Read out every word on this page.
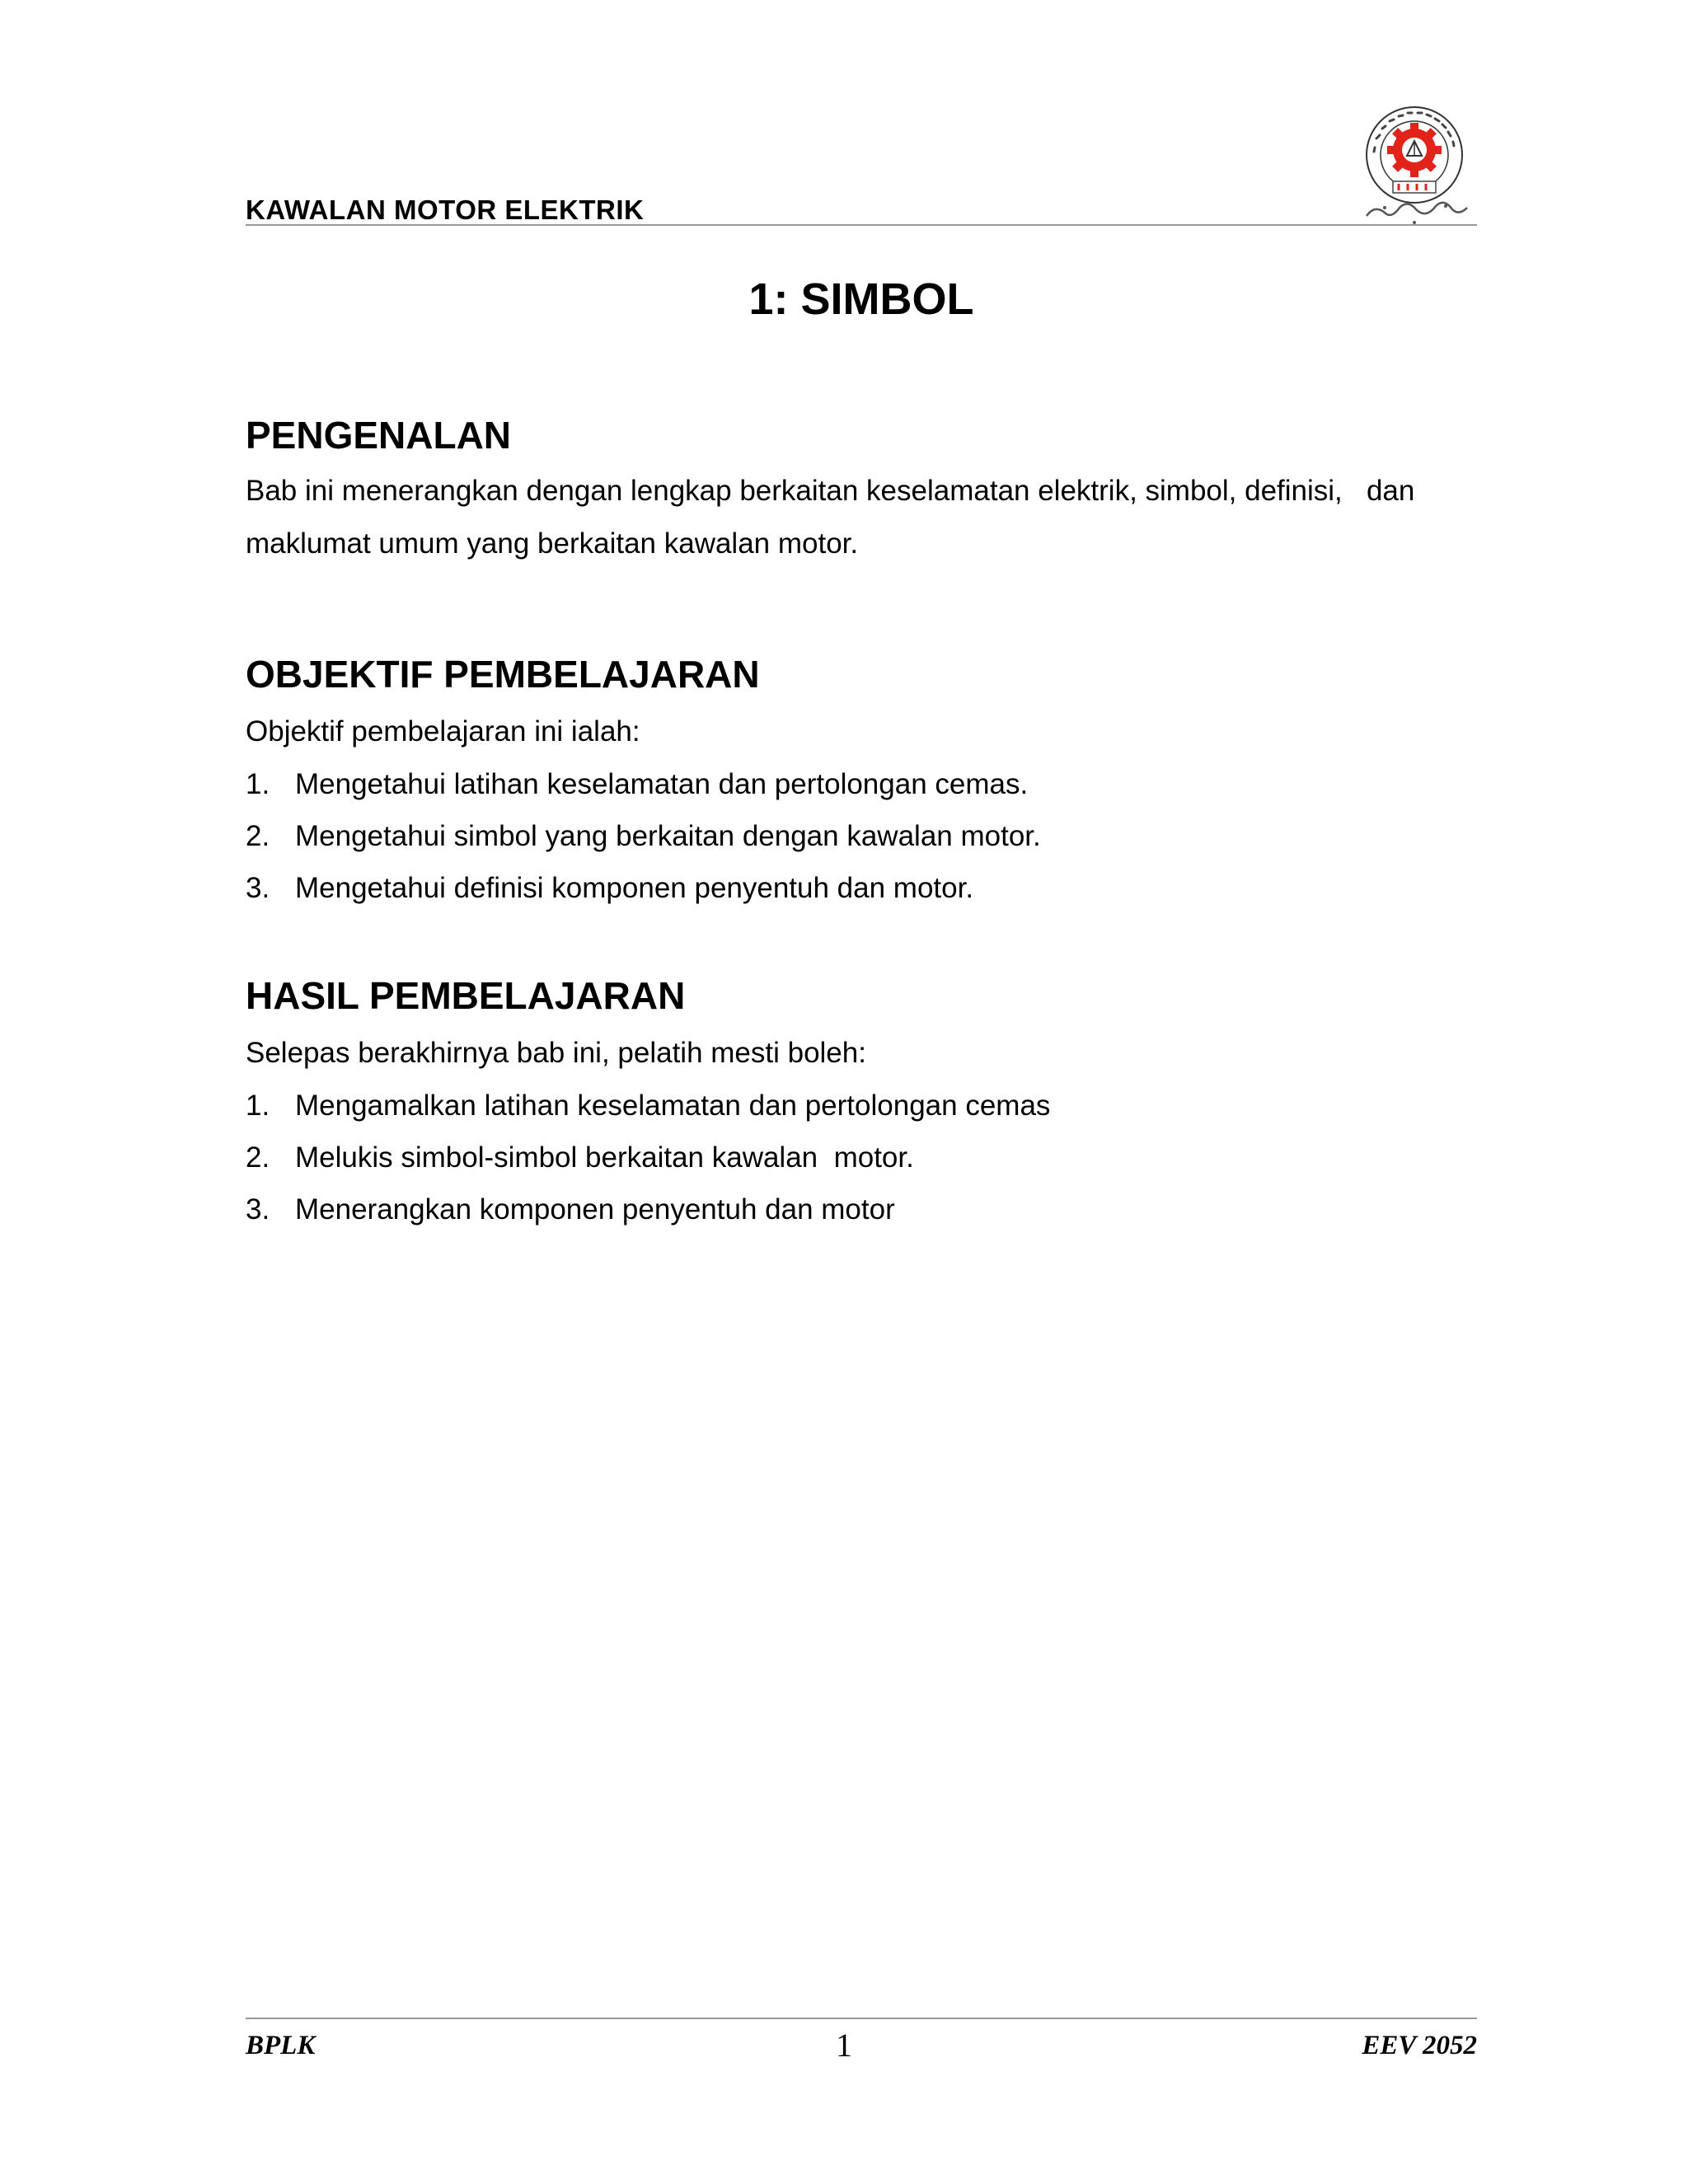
KAWALAN MOTOR ELEKTRIK
1: SIMBOL
PENGENALAN

Bab ini menerangkan dengan lengkap berkaitan keselamatan elektrik, simbol, definisi,   dan

maklumat umum yang berkaitan kawalan motor.

OBJEKTIF PEMBELAJARAN

Objektif pembelajaran ini ialah:

1. Mengetahui latihan keselamatan dan pertolongan cemas.
2. Mengetahui simbol yang berkaitan dengan kawalan motor.
3. Mengetahui definisi komponen penyentuh dan motor.
HASIL PEMBELAJARAN

Selepas berakhirnya bab ini, pelatih mesti boleh:

1. Mengamalkan latihan keselamatan dan pertolongan cemas
2. Melukis simbol-simbol berkaitan kawalan  motor.
3. Menerangkan komponen penyentuh dan motor
BPLK	1	EEV 2052
